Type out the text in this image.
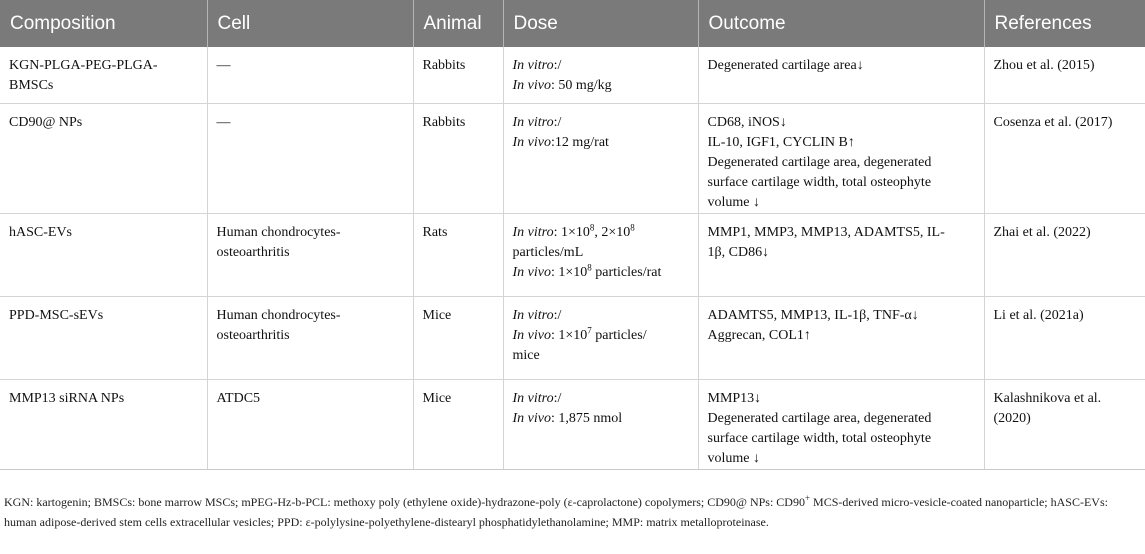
Composition	Cell	Animal	Dose	Outcome	References

KGN-PLGA-PEG-PLGA-
BMSCs	—	Rabbits	In vitro:/
In vivo: 50 mg/kg	Degenerated cartilage area↓	Zhou et al. (2015)

CD90@ NPs	—	Rabbits	In vitro:/
In vivo:12 mg/rat	CD68, iNOS↓
IL-10, IGF1, CYCLIN B↑
Degenerated cartilage area, degenerated
surface cartilage width, total osteophyte
volume ↓	Cosenza et al. (2017)

hASC-EVs	Human chondrocytes-
osteoarthritis	Rats	In vitro: $1\times 10^8$, $2\times 10^8$
particles/mL
In vivo: $1\times 10^8$ particles/rat	MMP1, MMP3, MMP13, ADAMTS5, IL-
1β, CD86↓	Zhai et al. (2022)

PPD-MSC-sEVs	Human chondrocytes-
osteoarthritis	Mice	In vitro:/
In vivo: $1\times 10^7$ particles/
mice	ADAMTS5, MMP13, IL-1β, TNF-α↓
Aggrecan, COL1↑	Li et al. (2021a)

MMP13 siRNA NPs	ATDC5	Mice	In vitro:/
In vivo: 1,875 nmol	MMP13↓
Degenerated cartilage area, degenerated
surface cartilage width, total osteophyte
volume ↓	Kalashnikova et al.
(2020)
KGN: kartogenin; BMSCs: bone marrow MSCs; mPEG-Hz-b-PCL: methoxy poly (ethylene oxide)-hydrazone-poly (ε-caprolactone) copolymers; CD90@ NPs: CD90+ MCS-derived micro-vesicle-coated nanoparticle; hASC-EVs: human adipose-derived stem cells extracellular vesicles; PPD: ε-polylysine-polyethylene-distearyl phosphatidylethanolamine; MMP: matrix metalloproteinase.
